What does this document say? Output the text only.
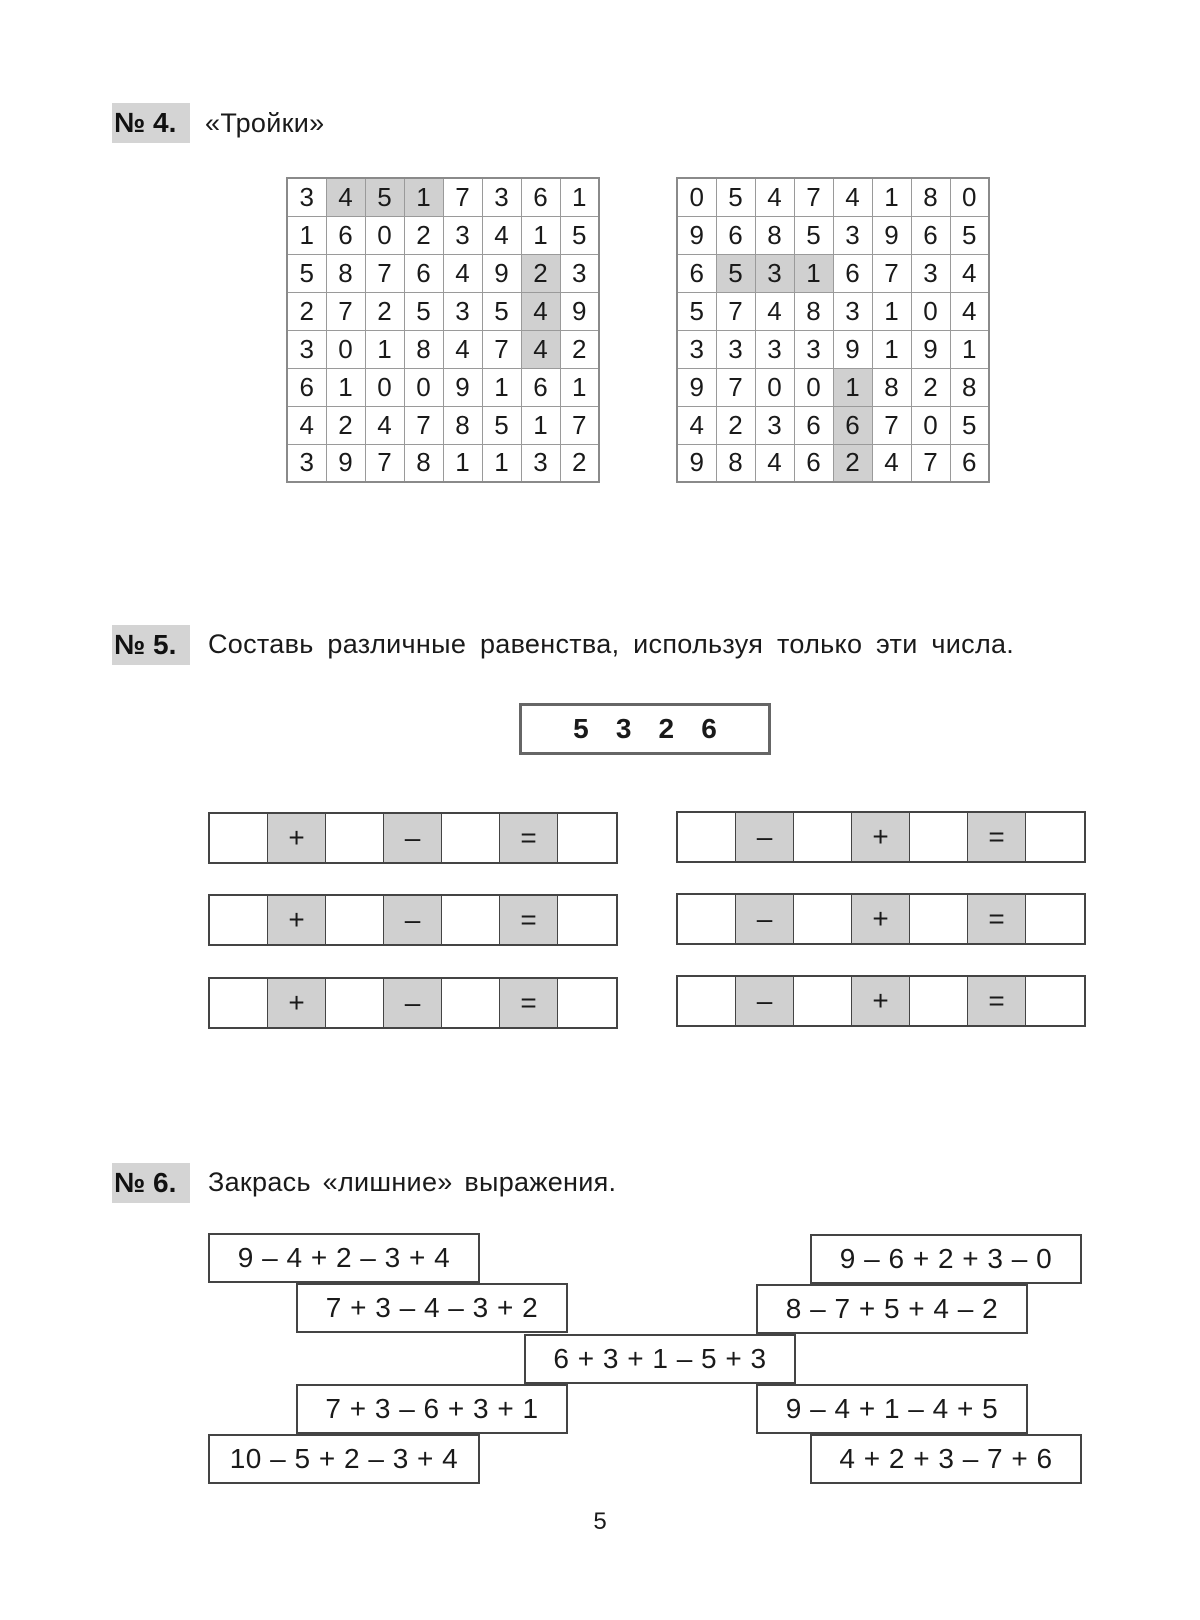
№ 4.	«Тройки»
3	4	5	1	7	3	6	1
1	6	0	2	3	4	1	5
5	8	7	6	4	9	2	3
2	7	2	5	3	5	4	9
3	0	1	8	4	7	4	2
6	1	0	0	9	1	6	1
4	2	4	7	8	5	1	7
3	9	7	8	1	1	3	2
0	5	4	7	4	1	8	0
9	6	8	5	3	9	6	5
6	5	3	1	6	7	3	4
5	7	4	8	3	1	0	4
3	3	3	3	9	1	9	1
9	7	0	0	1	8	2	8
4	2	3	6	6	7	0	5
9	8	4	6	2	4	7	6
№ 5.	Составь различные равенства, используя только эти числа.
5 3 2 6
+	–	=
+	–	=
+	–	=
–	+	=
–	+	=
–	+	=
№ 6.	Закрась «лишние» выражения.
9 – 4 + 2 – 3 + 4
7 + 3 – 4 – 3 + 2
6 + 3 + 1 – 5 + 3
7 + 3 – 6 + 3 + 1
10 – 5 + 2 – 3 + 4
9 – 6 + 2 + 3 – 0
8 – 7 + 5 + 4 – 2
9 – 4 + 1 – 4 + 5
4 + 2 + 3 – 7 + 6
5
